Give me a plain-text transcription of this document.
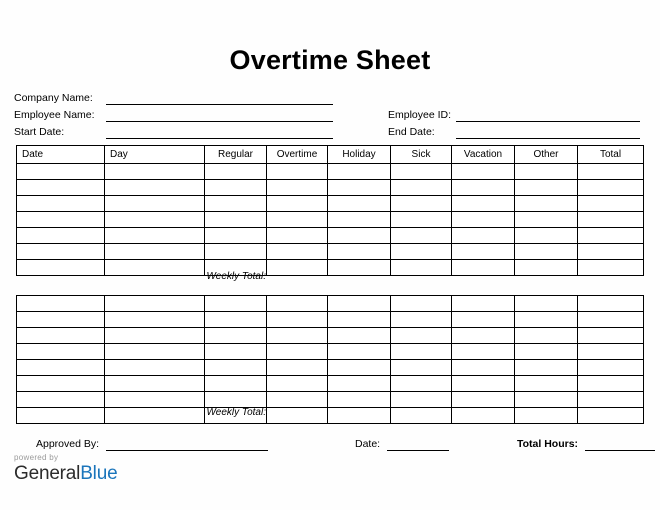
Overtime Sheet
Company Name:
Employee Name:
Start Date:
Employee ID:
End Date:
Date	Day	Regular	Overtime	Holiday	Sick	Vacation	Other	Total

Weekly Total:

Weekly Total:
Approved By:	Date:	Total Hours:
powered by
GeneralBlue
